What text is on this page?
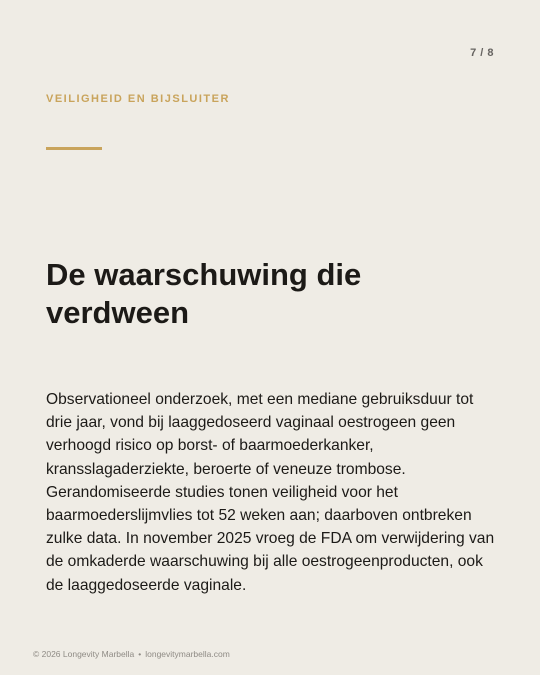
7 / 8
VEILIGHEID EN BIJSLUITER
De waarschuwing die verdween

Observationeel onderzoek, met een mediane gebruiksduur tot drie jaar, vond bij laaggedoseerd vaginaal oestrogeen geen verhoogd risico op borst- of baarmoederkanker, kransslagaderziekte, beroerte of veneuze trombose. Gerandomiseerde studies tonen veiligheid voor het baarmoederslijmvlies tot 52 weken aan; daarboven ontbreken zulke data. In november 2025 vroeg de FDA om verwijdering van de omkaderde waarschuwing bij alle oestrogeenproducten, ook de laaggedoseerde vaginale.

© 2026 Longevity Marbella • longevitymarbella.com
